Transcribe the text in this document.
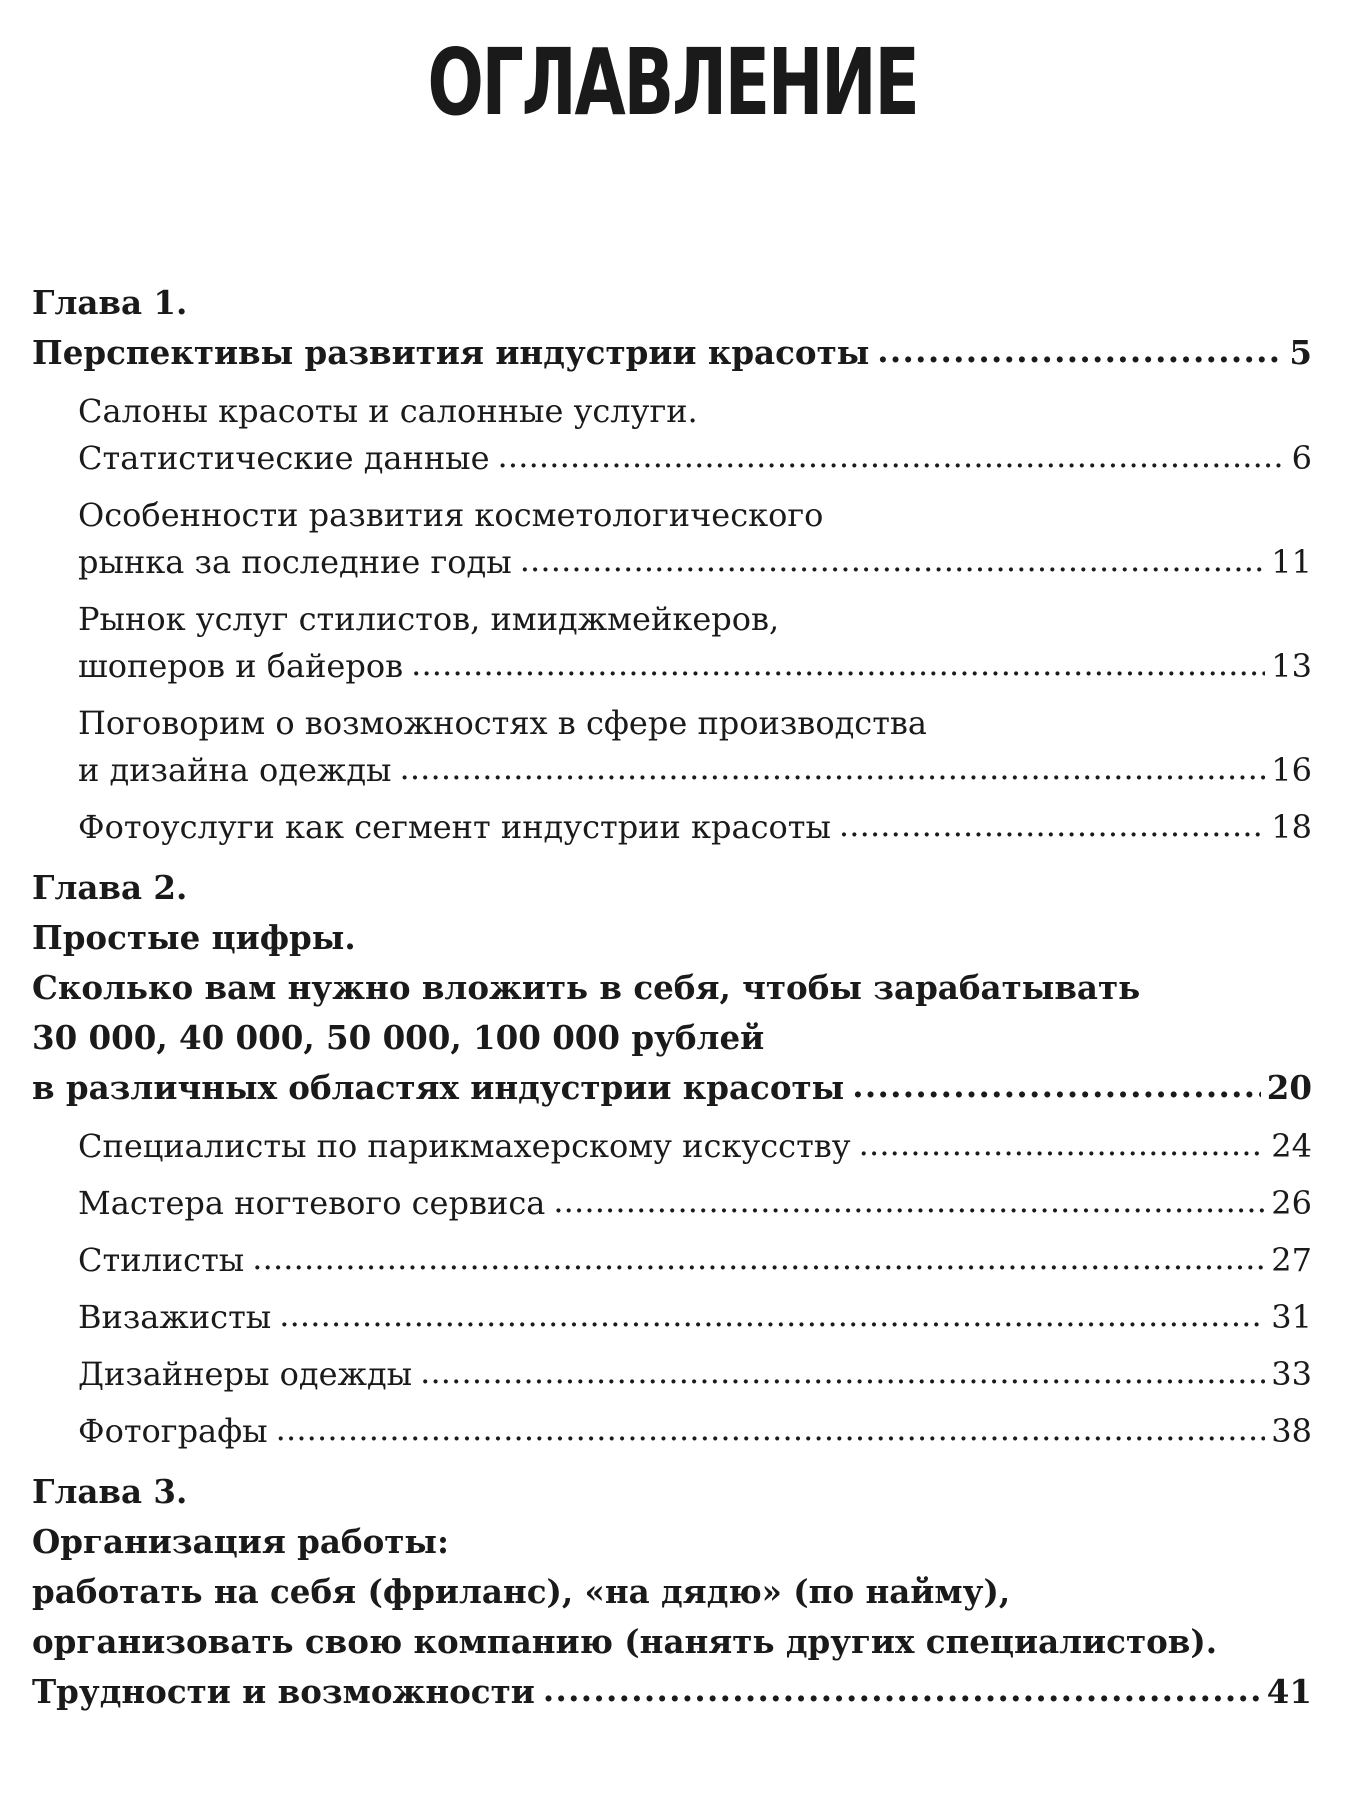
ОГЛАВЛЕНИЕ
Глава 1.
Перспективы развития индустрии красоты . . .	5
Салоны красоты и салонные услуги.
Статистические данные . . .	6
Особенности развития косметологического
рынка за последние годы . . .	11
Рынок услуг стилистов, имиджмейкеров,
шоперов и байеров . . .	13
Поговорим о возможностях в сфере производства
и дизайна одежды . . .	16
Фотоуслуги как сегмент индустрии красоты . . .	18
Глава 2.
Простые цифры.
Сколько вам нужно вложить в себя, чтобы зарабатывать
30 000, 40 000, 50 000, 100 000 рублей
в различных областях индустрии красоты . . .	20
Специалисты по парикмахерскому искусству . . .	24
Мастера ногтевого сервиса . . .	26
Стилисты . . .	27
Визажисты . . .	31
Дизайнеры одежды . . .	33
Фотографы . . .	38
Глава 3.
Организация работы:
работать на себя (фриланс), «на дядю» (по найму),
организовать свою компанию (нанять других специалистов).
Трудности и возможности . . .	41
